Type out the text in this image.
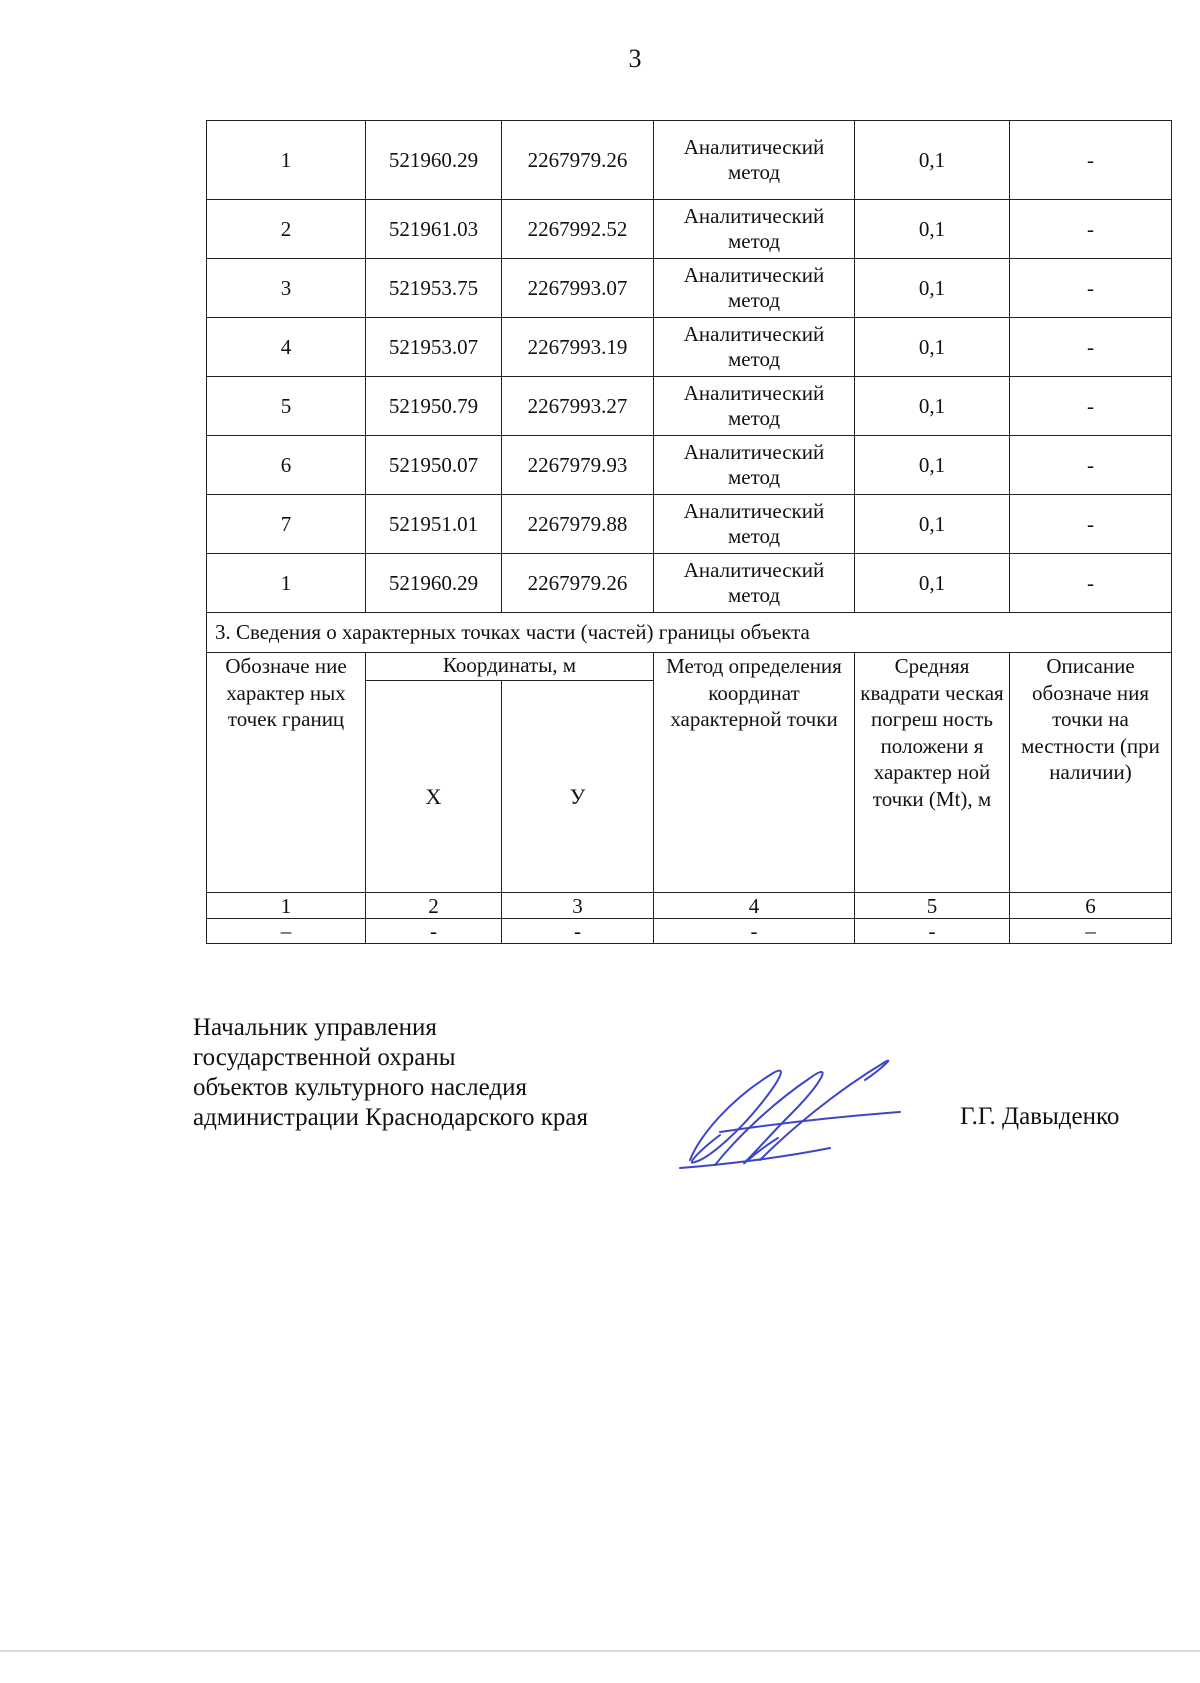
3
1	521960.29	2267979.26	Аналитический метод	0,1	-
2	521961.03	2267992.52	Аналитический метод	0,1	-
3	521953.75	2267993.07	Аналитический метод	0,1	-
4	521953.07	2267993.19	Аналитический метод	0,1	-
5	521950.79	2267993.27	Аналитический метод	0,1	-
6	521950.07	2267979.93	Аналитический метод	0,1	-
7	521951.01	2267979.88	Аналитический метод	0,1	-
1	521960.29	2267979.26	Аналитический метод	0,1	-
3. Сведения о характерных точках части (частей) границы объекта					
Обозначе ние характер ных точек границ	Координаты, м		Метод определения координат характерной точки	Средняя квадрати ческая погреш ность положени я характер ной точки (Mt), м	Описание обозначе ния точки на местности (при наличии)
	Х	У			
1	2	3	4	5	6
–	-	-	-	-	–
Начальник управления
государственной охраны
объектов культурного наследия
администрации Краснодарского края	Г.Г. Давыденко
